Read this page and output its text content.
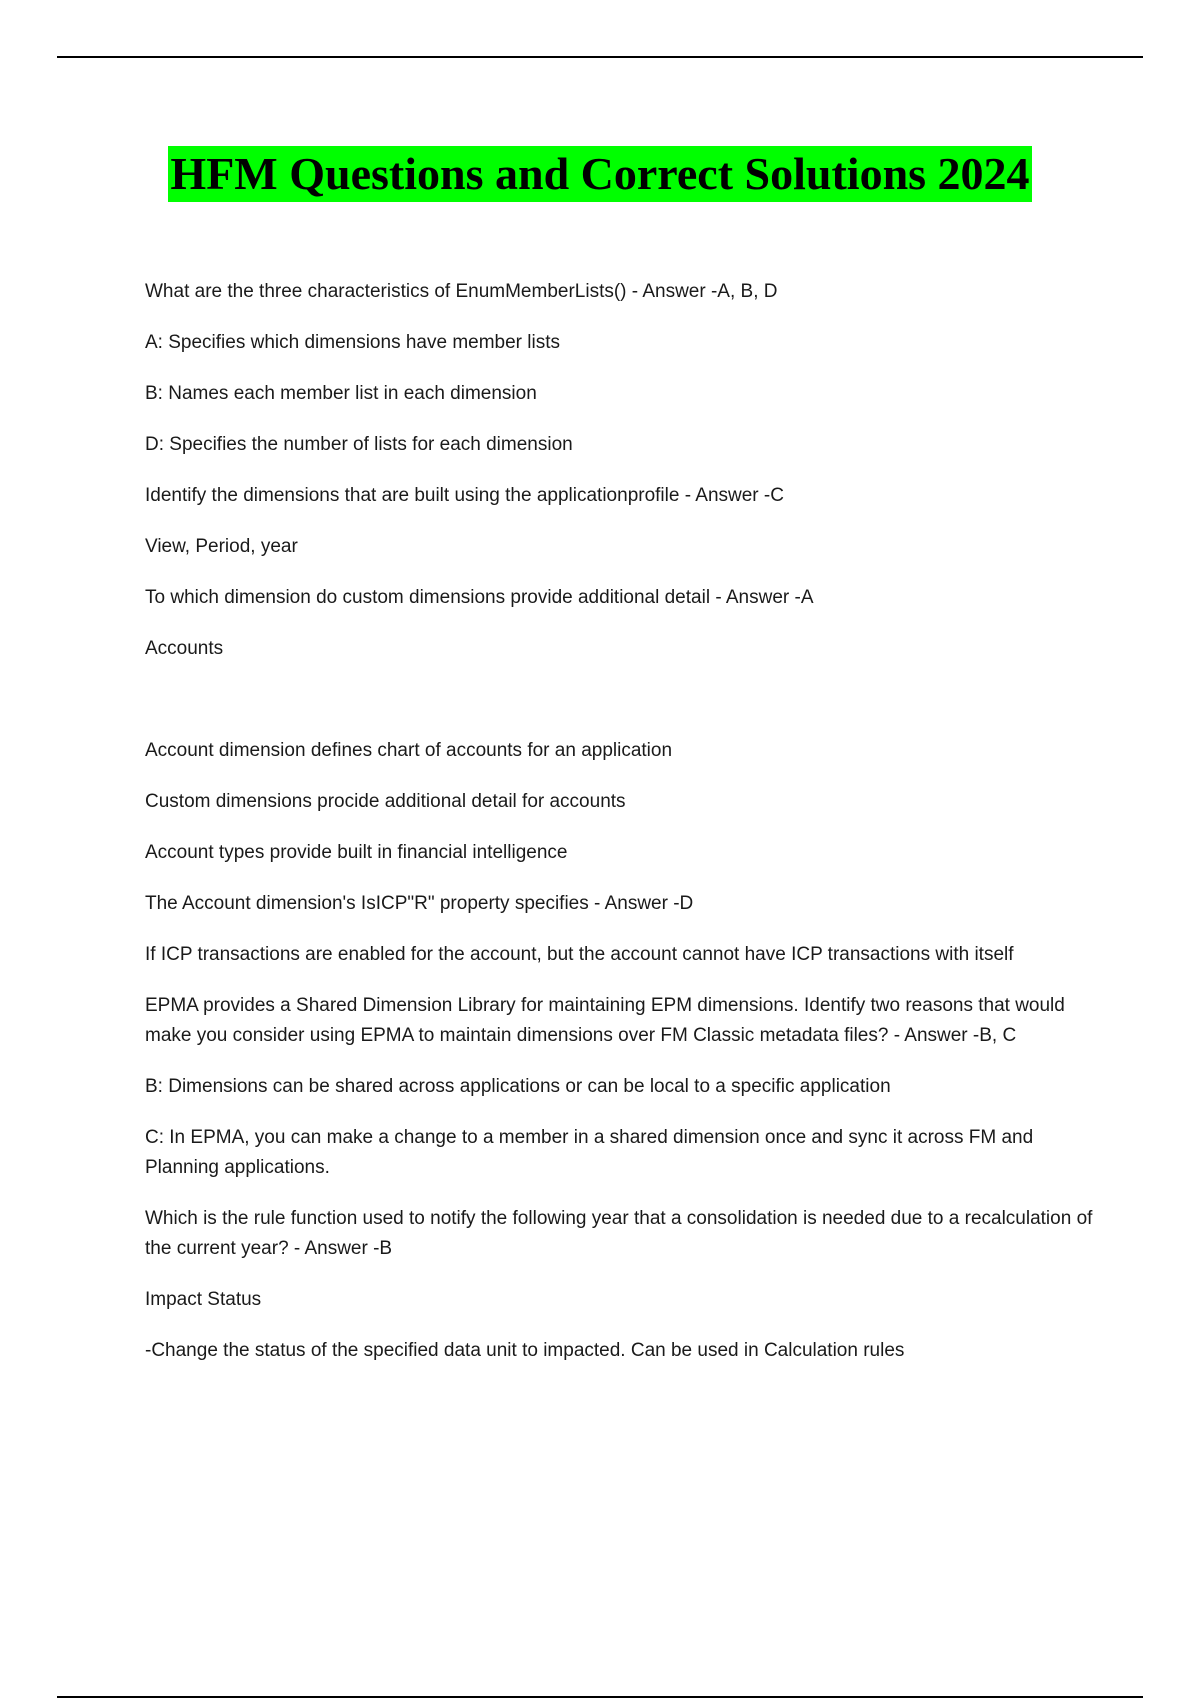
HFM Questions and Correct Solutions 2024

What are the three characteristics of EnumMemberLists() - Answer -A, B, D

A: Specifies which dimensions have member lists

B: Names each member list in each dimension

D: Specifies the number of lists for each dimension

Identify the dimensions that are built using the applicationprofile - Answer -C

View, Period, year

To which dimension do custom dimensions provide additional detail - Answer -A

Accounts

Account dimension defines chart of accounts for an application

Custom dimensions procide additional detail for accounts

Account types provide built in financial intelligence

The Account dimension's IsICP"R" property specifies - Answer -D

If ICP transactions are enabled for the account, but the account cannot have ICP transactions with itself

EPMA provides a Shared Dimension Library for maintaining EPM dimensions. Identify two reasons that would make you consider using EPMA to maintain dimensions over FM Classic metadata files? - Answer -B, C

B: Dimensions can be shared across applications or can be local to a specific application

C: In EPMA, you can make a change to a member in a shared dimension once and sync it across FM and Planning applications.

Which is the rule function used to notify the following year that a consolidation is needed due to a recalculation of the current year? - Answer -B

Impact Status

-Change the status of the specified data unit to impacted. Can be used in Calculation rules
